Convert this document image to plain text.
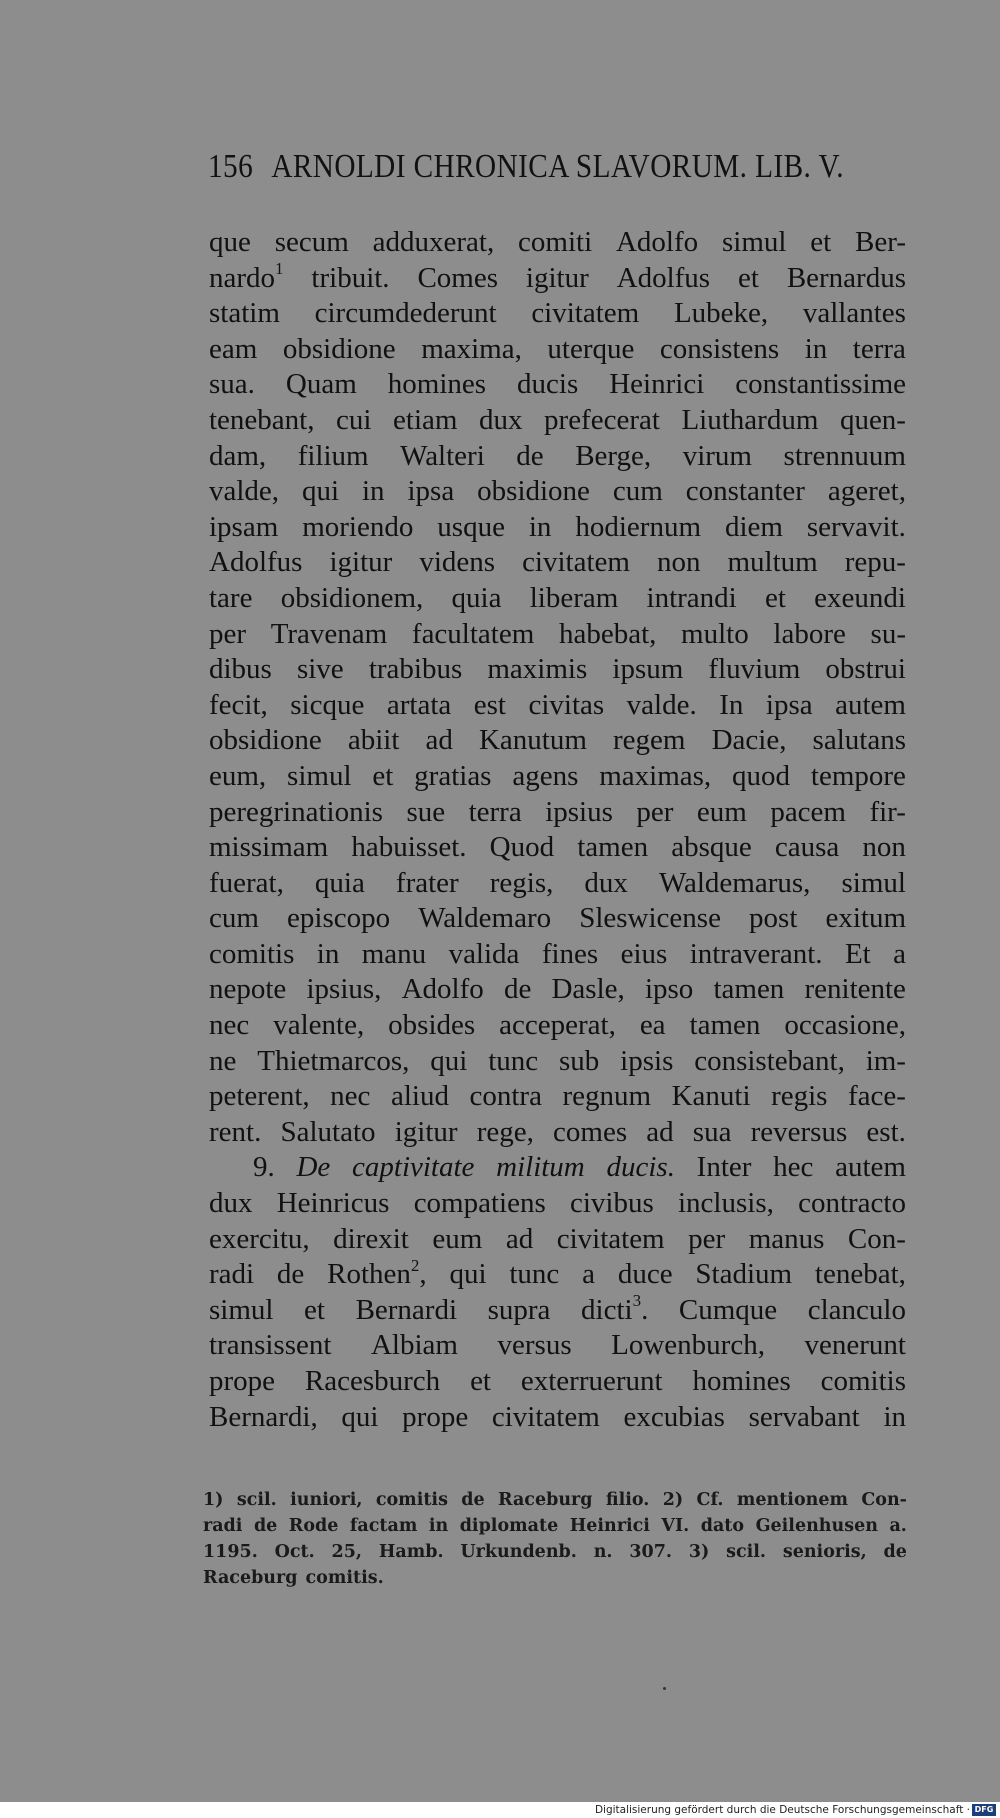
156 ARNOLDI CHRONICA SLAVORUM. LIB. V.
que secum adduxerat, comiti Adolfo simul et Ber-
nardo$^1$ tribuit. Comes igitur Adolfus et Bernardus
statim circumdederunt civitatem Lubeke, vallantes
eam obsidione maxima, uterque consistens in terra
sua. Quam homines ducis Heinrici constantissime
tenebant, cui etiam dux prefecerat Liuthardum quen-
dam, filium Walteri de Berge, virum strennuum
valde, qui in ipsa obsidione cum constanter ageret,
ipsam moriendo usque in hodiernum diem servavit.
Adolfus igitur videns civitatem non multum repu-
tare obsidionem, quia liberam intrandi et exeundi
per Travenam facultatem habebat, multo labore su-
dibus sive trabibus maximis ipsum fluvium obstrui
fecit, sicque artata est civitas valde. In ipsa autem
obsidione abiit ad Kanutum regem Dacie, salutans
eum, simul et gratias agens maximas, quod tempore
peregrinationis sue terra ipsius per eum pacem fir-
missimam habuisset. Quod tamen absque causa non
fuerat, quia frater regis, dux Waldemarus, simul
cum episcopo Waldemaro Sleswicense post exitum
comitis in manu valida fines eius intraverant. Et a
nepote ipsius, Adolfo de Dasle, ipso tamen renitente
nec valente, obsides acceperat, ea tamen occasione,
ne Thietmarcos, qui tunc sub ipsis consistebant, im-
peterent, nec aliud contra regnum Kanuti regis face-
rent. Salutato igitur rege, comes ad sua reversus est.
9. De captivitate militum ducis. Inter hec autem
dux Heinricus compatiens civibus inclusis, contracto
exercitu, direxit eum ad civitatem per manus Con-
radi de Rothen$^2$, qui tunc a duce Stadium tenebat,
simul et Bernardi supra dicti$^3$. Cumque clanculo
transissent Albiam versus Lowenburch, venerunt
prope Racesburch et exterruerunt homines comitis
Bernardi, qui prope civitatem excubias servabant in
1) scil. iuniori, comitis de Raceburg filio. 2) Cf. mentionem Con-
radi de Rode factam in diplomate Heinrici VI. dato Geilenhusen a.
1195. Oct. 25, Hamb. Urkundenb. n. 307. 3) scil. senioris, de
Raceburg comitis.
Digitalisierung gefördert durch die Deutsche Forschungsgemeinschaft · DFG
